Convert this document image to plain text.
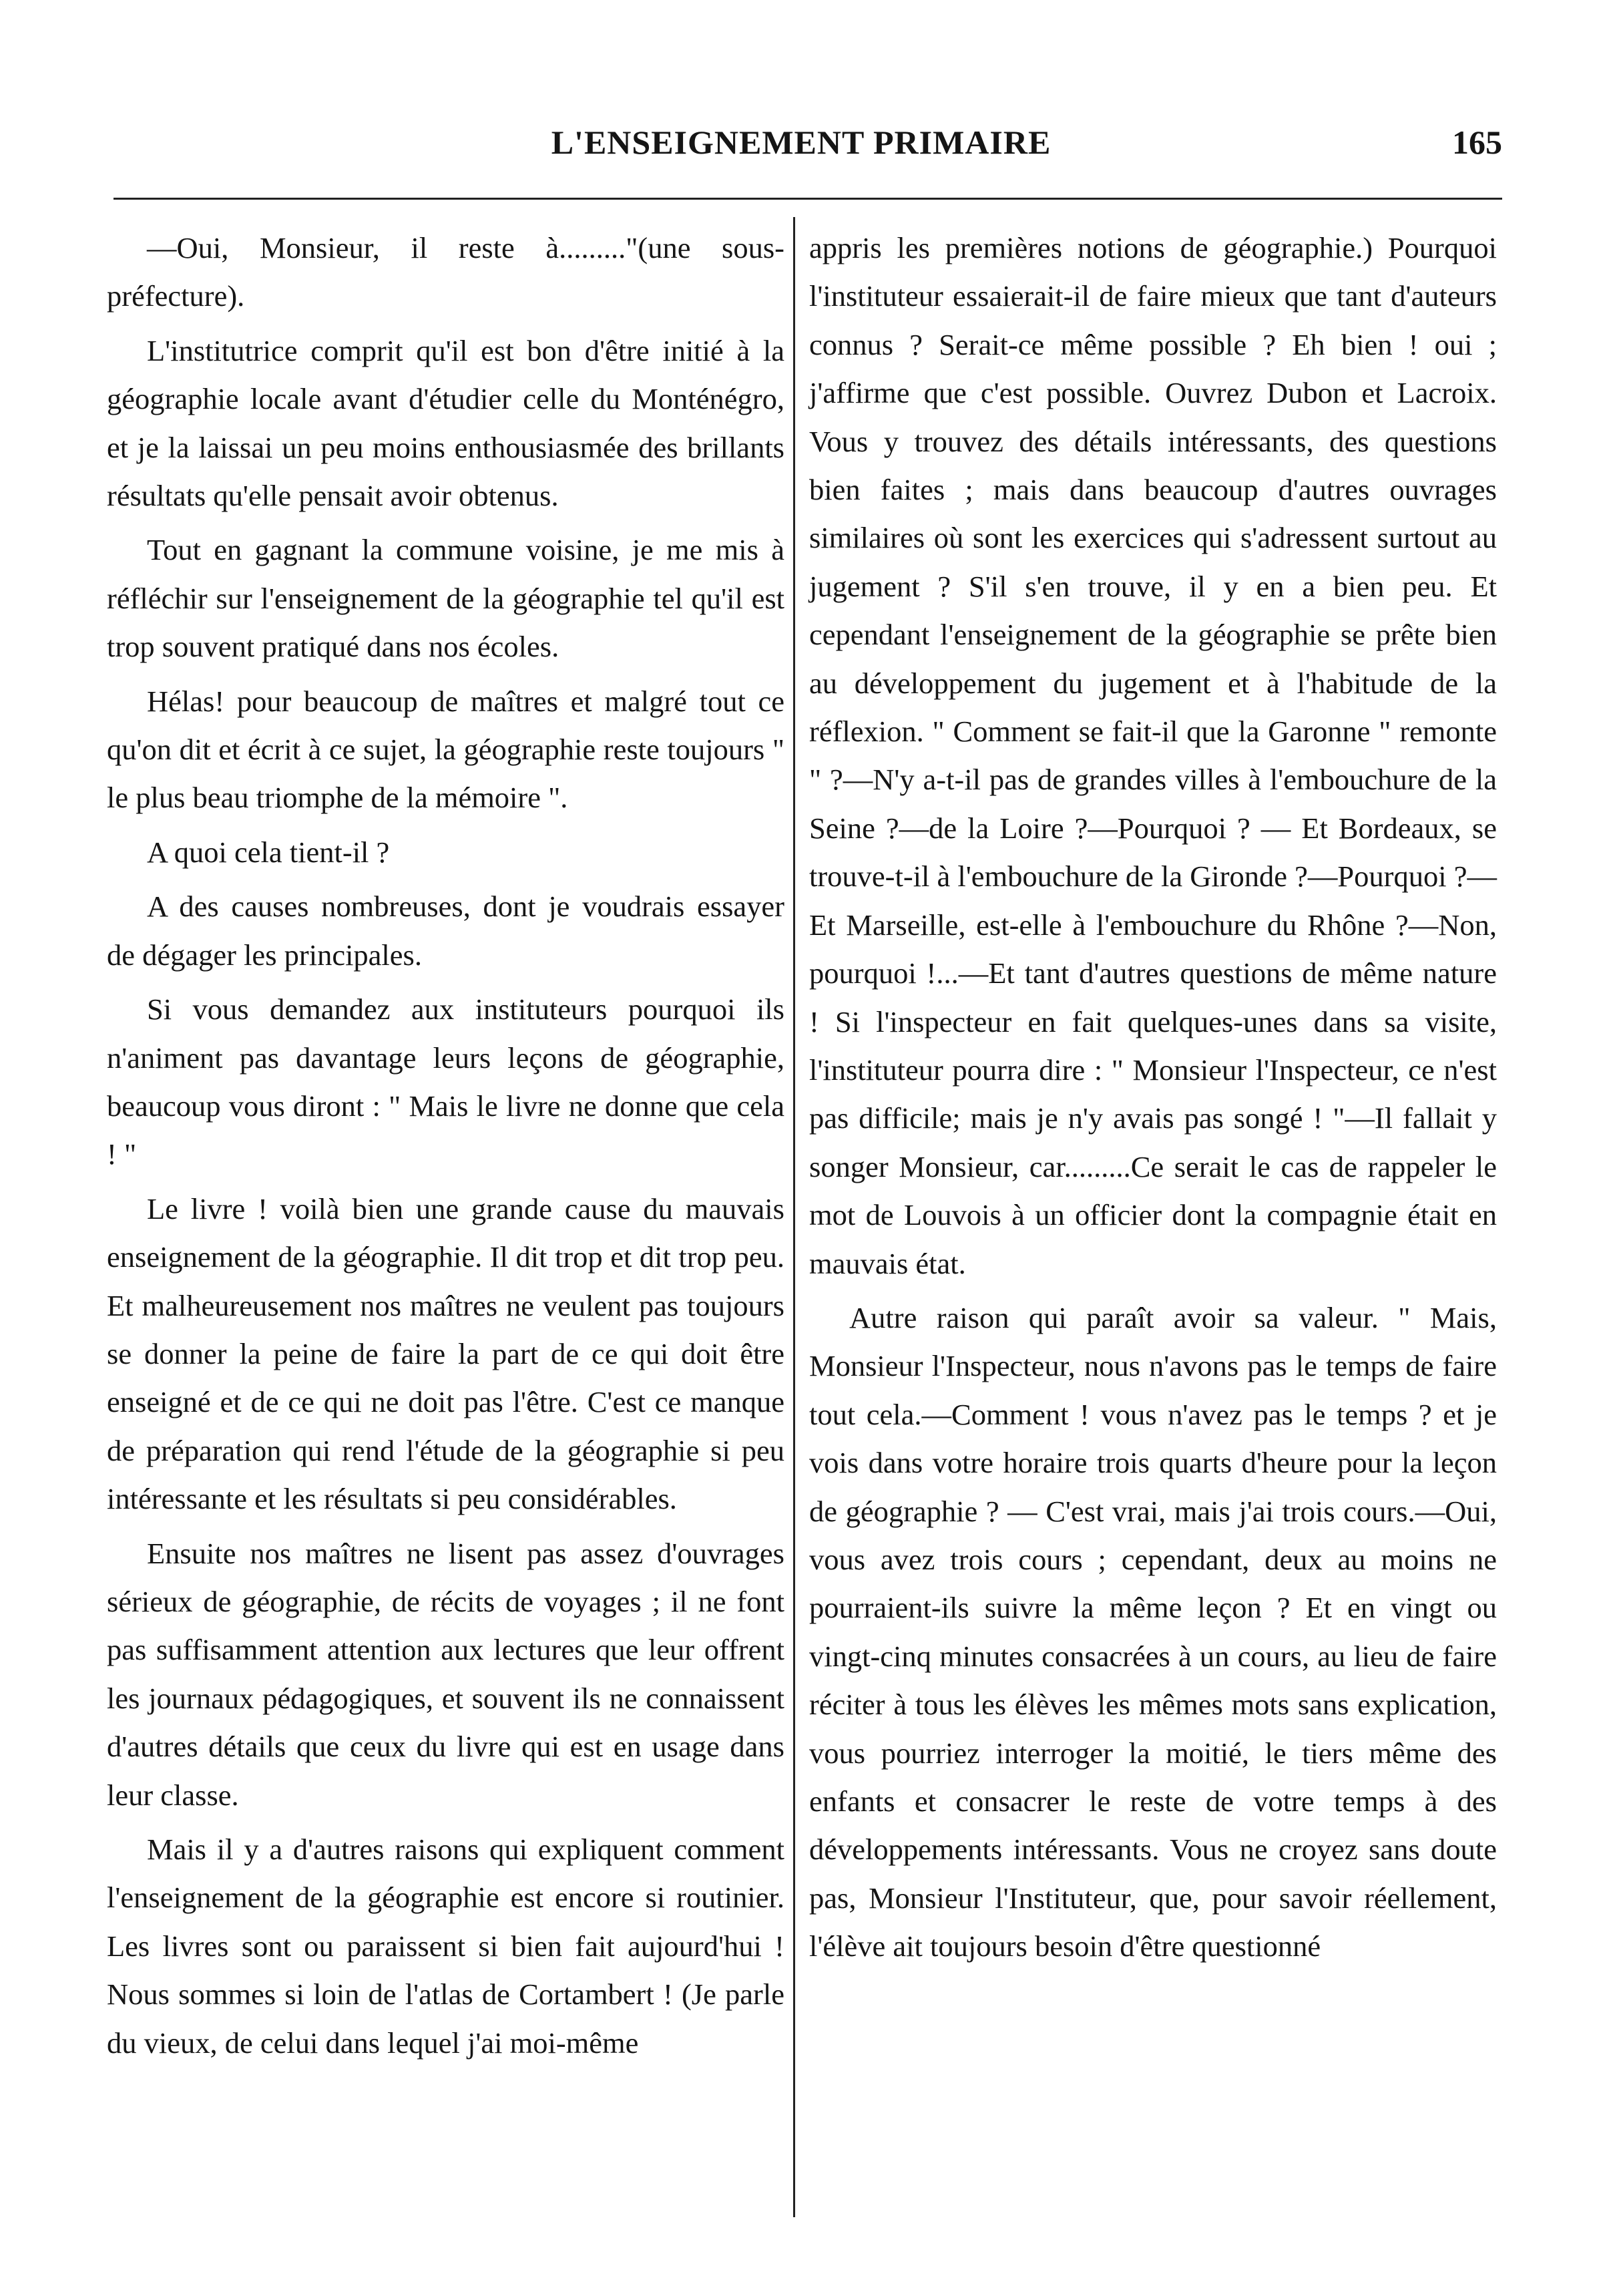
L'ENSEIGNEMENT PRIMAIRE	165

—Oui, Monsieur, il reste à........."(une sous-préfecture).

L'institutrice comprit qu'il est bon d'être initié à la géographie locale avant d'étudier celle du Monténégro, et je la laissai un peu moins enthousiasmée des brillants résultats qu'elle pensait avoir obtenus.

Tout en gagnant la commune voisine, je me mis à réfléchir sur l'enseignement de la géographie tel qu'il est trop souvent pratiqué dans nos écoles.

Hélas! pour beaucoup de maîtres et malgré tout ce qu'on dit et écrit à ce sujet, la géographie reste toujours " le plus beau triomphe de la mémoire ".

A quoi cela tient-il ?

A des causes nombreuses, dont je voudrais essayer de dégager les principales.

Si vous demandez aux instituteurs pourquoi ils n'animent pas davantage leurs leçons de géographie, beaucoup vous diront : " Mais le livre ne donne que cela ! "

Le livre ! voilà bien une grande cause du mauvais enseignement de la géographie. Il dit trop et dit trop peu. Et malheureusement nos maîtres ne veulent pas toujours se donner la peine de faire la part de ce qui doit être enseigné et de ce qui ne doit pas l'être. C'est ce manque de préparation qui rend l'étude de la géographie si peu intéressante et les résultats si peu considérables.

Ensuite nos maîtres ne lisent pas assez d'ouvrages sérieux de géographie, de récits de voyages ; il ne font pas suffisamment attention aux lectures que leur offrent les journaux pédagogiques, et souvent ils ne connaissent d'autres détails que ceux du livre qui est en usage dans leur classe.

Mais il y a d'autres raisons qui expliquent comment l'enseignement de la géographie est encore si routinier. Les livres sont ou paraissent si bien fait aujourd'hui ! Nous sommes si loin de l'atlas de Cortambert ! (Je parle du vieux, de celui dans lequel j'ai moi-même

appris les premières notions de géographie.) Pourquoi l'instituteur essaierait-il de faire mieux que tant d'auteurs connus ? Serait-ce même possible ? Eh bien ! oui ; j'affirme que c'est possible. Ouvrez Dubon et Lacroix. Vous y trouvez des détails intéressants, des questions bien faites ; mais dans beaucoup d'autres ouvrages similaires où sont les exercices qui s'adressent surtout au jugement ? S'il s'en trouve, il y en a bien peu. Et cependant l'enseignement de la géographie se prête bien au développement du jugement et à l'habitude de la réflexion. " Comment se fait-il que la Garonne " remonte " ?—N'y a-t-il pas de grandes villes à l'embouchure de la Seine ?—de la Loire ?—Pourquoi ? — Et Bordeaux, se trouve-t-il à l'embouchure de la Gironde ?—Pourquoi ?—Et Marseille, est-elle à l'embouchure du Rhône ?—Non, pourquoi !...—Et tant d'autres questions de même nature ! Si l'inspecteur en fait quelques-unes dans sa visite, l'instituteur pourra dire : " Monsieur l'Inspecteur, ce n'est pas difficile; mais je n'y avais pas songé ! "—Il fallait y songer Monsieur, car.........Ce serait le cas de rappeler le mot de Louvois à un officier dont la compagnie était en mauvais état.

Autre raison qui paraît avoir sa valeur. " Mais, Monsieur l'Inspecteur, nous n'avons pas le temps de faire tout cela.—Comment ! vous n'avez pas le temps ? et je vois dans votre horaire trois quarts d'heure pour la leçon de géographie ? — C'est vrai, mais j'ai trois cours.—Oui, vous avez trois cours ; cependant, deux au moins ne pourraient-ils suivre la même leçon ? Et en vingt ou vingt-cinq minutes consacrées à un cours, au lieu de faire réciter à tous les élèves les mêmes mots sans explication, vous pourriez interroger la moitié, le tiers même des enfants et consacrer le reste de votre temps à des développements intéressants. Vous ne croyez sans doute pas, Monsieur l'Instituteur, que, pour savoir réellement, l'élève ait toujours besoin d'être questionné
